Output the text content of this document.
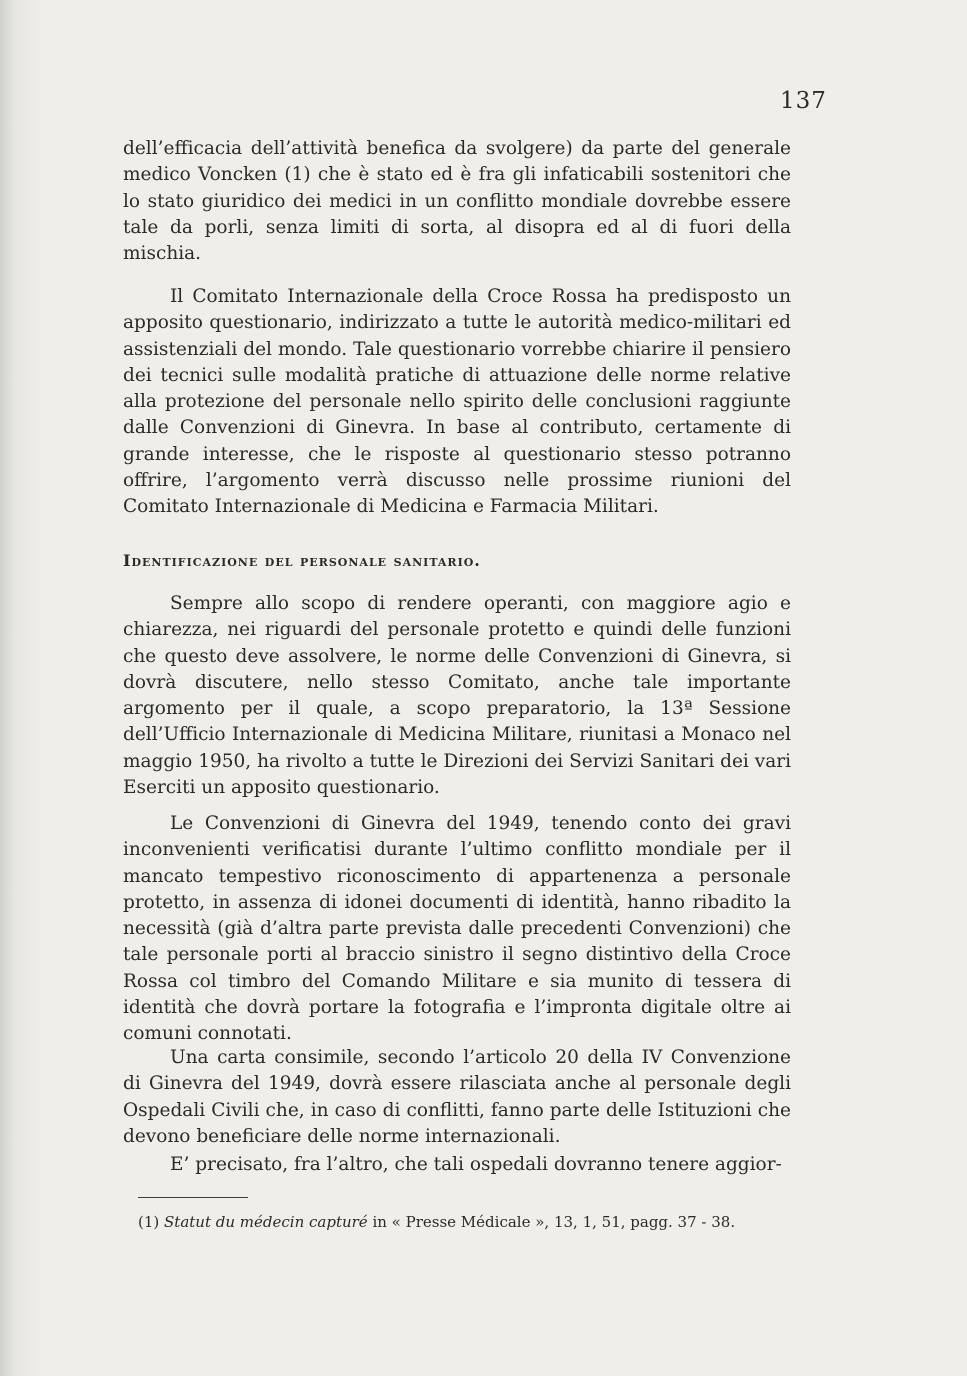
137

dell’efficacia dell’attività benefica da svolgere) da parte del generale medico Voncken (1) che è stato ed è fra gli infaticabili sostenitori che lo stato giuridico dei medici in un conflitto mondiale dovrebbe essere tale da porli, senza limiti di sorta, al disopra ed al di fuori della mischia.

Il Comitato Internazionale della Croce Rossa ha predisposto un apposito questionario, indirizzato a tutte le autorità medico-militari ed assistenziali del mondo. Tale questionario vorrebbe chiarire il pensiero dei tecnici sulle modalità pratiche di attuazione delle norme relative alla protezione del personale nello spirito delle conclusioni raggiunte dalle Convenzioni di Ginevra. In base al contributo, certamente di grande interesse, che le risposte al questionario stesso potranno offrire, l’argomento verrà discusso nelle prossime riunioni del Comitato Internazionale di Medicina e Farmacia Militari.

Identificazione del personale sanitario.

Sempre allo scopo di rendere operanti, con maggiore agio e chiarezza, nei riguardi del personale protetto e quindi delle funzioni che questo deve assolvere, le norme delle Convenzioni di Ginevra, si dovrà discutere, nello stesso Comitato, anche tale importante argomento per il quale, a scopo preparatorio, la 13ª Sessione dell’Ufficio Internazionale di Medicina Militare, riunitasi a Monaco nel maggio 1950, ha rivolto a tutte le Direzioni dei Servizi Sanitari dei vari Eserciti un apposito questionario.

Le Convenzioni di Ginevra del 1949, tenendo conto dei gravi inconvenienti verificatisi durante l’ultimo conflitto mondiale per il mancato tempestivo riconoscimento di appartenenza a personale protetto, in assenza di idonei documenti di identità, hanno ribadito la necessità (già d’altra parte prevista dalle precedenti Convenzioni) che tale personale porti al braccio sinistro il segno distintivo della Croce Rossa col timbro del Comando Militare e sia munito di tessera di identità che dovrà portare la fotografia e l’impronta digitale oltre ai comuni connotati.

Una carta consimile, secondo l’articolo 20 della IV Convenzione di Ginevra del 1949, dovrà essere rilasciata anche al personale degli Ospedali Civili che, in caso di conflitti, fanno parte delle Istituzioni che devono beneficiare delle norme internazionali.

E’ precisato, fra l’altro, che tali ospedali dovranno tenere aggior-

(1) Statut du médecin capturé in « Presse Médicale », 13, 1, 51, pagg. 37 - 38.
